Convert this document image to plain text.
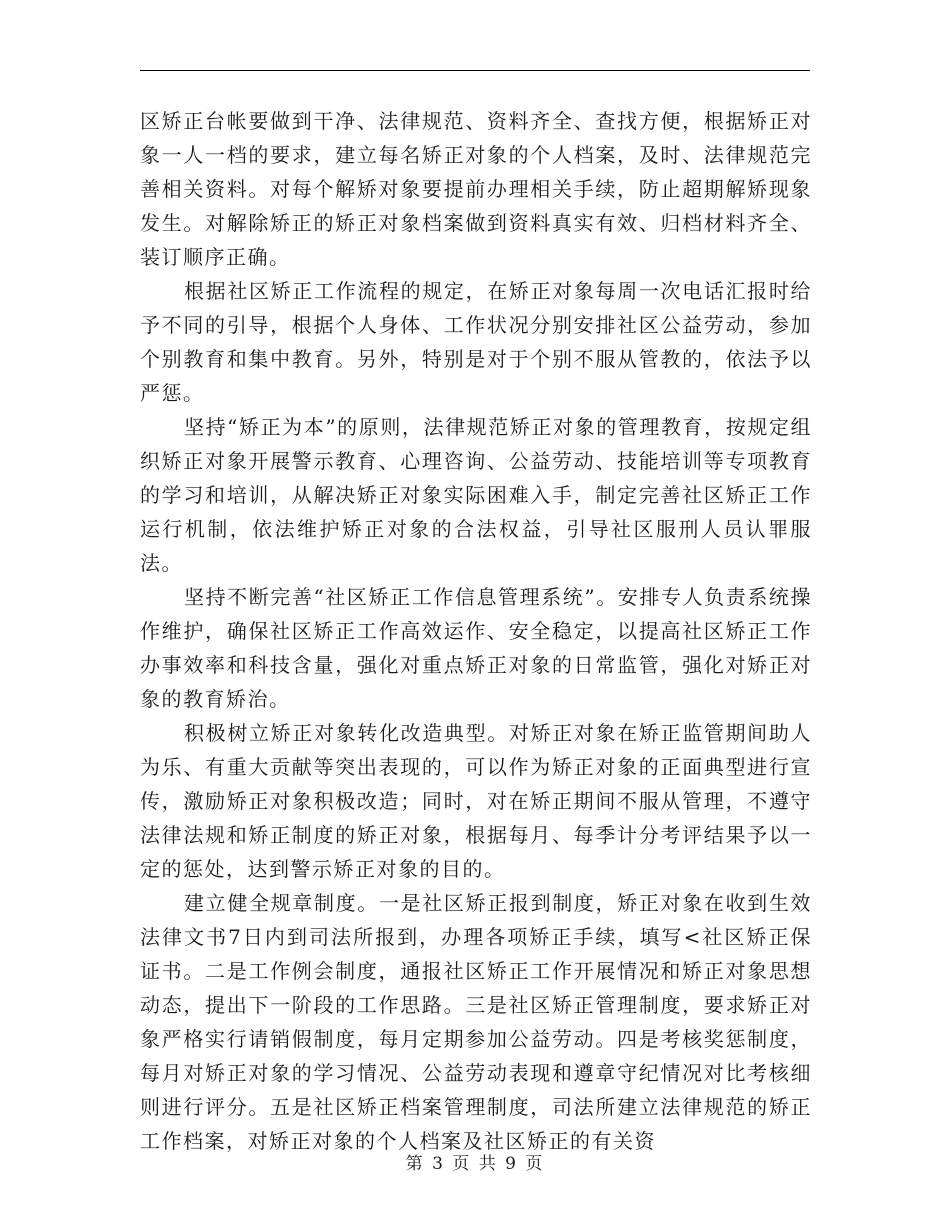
区矫正台帐要做到干净、法律规范、资料齐全、查找方便，根据矫正对象一人一档的要求，建立每名矫正对象的个人档案，及时、法律规范完善相关资料。对每个解矫对象要提前办理相关手续，防止超期解矫现象发生。对解除矫正的矫正对象档案做到资料真实有效、归档材料齐全、装订顺序正确。

根据社区矫正工作流程的规定，在矫正对象每周一次电话汇报时给予不同的引导，根据个人身体、工作状况分别安排社区公益劳动，参加个别教育和集中教育。另外，特别是对于个别不服从管教的，依法予以严惩。

坚持“矫正为本”的原则，法律规范矫正对象的管理教育，按规定组织矫正对象开展警示教育、心理咨询、公益劳动、技能培训等专项教育的学习和培训，从解决矫正对象实际困难入手，制定完善社区矫正工作运行机制，依法维护矫正对象的合法权益，引导社区服刑人员认罪服法。

坚持不断完善“社区矫正工作信息管理系统”。安排专人负责系统操作维护，确保社区矫正工作高效运作、安全稳定，以提高社区矫正工作办事效率和科技含量，强化对重点矫正对象的日常监管，强化对矫正对象的教育矫治。

积极树立矫正对象转化改造典型。对矫正对象在矫正监管期间助人为乐、有重大贡献等突出表现的，可以作为矫正对象的正面典型进行宣传，激励矫正对象积极改造；同时，对在矫正期间不服从管理，不遵守法律法规和矫正制度的矫正对象，根据每月、每季计分考评结果予以一定的惩处，达到警示矫正对象的目的。

建立健全规章制度。一是社区矫正报到制度，矫正对象在收到生效法律文书7日内到司法所报到，办理各项矫正手续，填写<社区矫正保证书。二是工作例会制度，通报社区矫正工作开展情况和矫正对象思想动态，提出下一阶段的工作思路。三是社区矫正管理制度，要求矫正对象严格实行请销假制度，每月定期参加公益劳动。四是考核奖惩制度，每月对矫正对象的学习情况、公益劳动表现和遵章守纪情况对比考核细则进行评分。五是社区矫正档案管理制度，司法所建立法律规范的矫正工作档案，对矫正对象的个人档案及社区矫正的有关资

第 3 页 共 9 页
